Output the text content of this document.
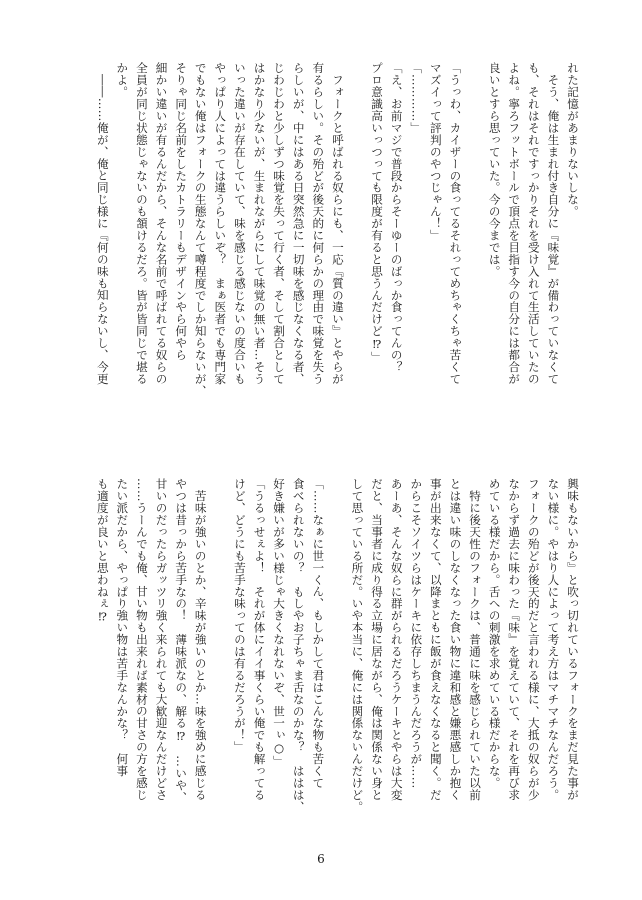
れた記憶があまりないしな。

　そう、俺は生まれ付き自分に『味覚』が備わっていなくて

も、それはそれですっかりそれを受け入れて生活していたの

よね。寧ろフットボールで頂点を目指す今の自分には都合が

良いとすら思っていた。今の今までは。

「うっわ、カイザーの食ってるそれってめちゃくちゃ苦くて

マズイって評判のやつじゃん！」

「…………」

「え、お前マジで普段からそーゆーのばっか食ってんの？

プロ意識高いっつっても限度が有ると思うんだけど⁉」

　フォークと呼ばれる奴らにも、一応『質の違い』とやらが

有るらしい。その殆どが後天的に何らかの理由で味覚を失う

らしいが、中にはある日突然急に一切味を感じなくなる者、

じわじわと少しずつ味覚を失って行く者、そして割合として

はかなり少ないが、生まれながらにして味覚の無い者…そう

いった違いが存在していて、味を感じる感じないの度合いも

やっぱり人によっては違うらしいぞ？　まぁ医者でも専門家

でもない俺はフォークの生態なんて噂程度でしか知らないが、

そりゃ同じ名前をしたカトラリーもデザインやら何やら

細かい違いが有るんだから、そんな名前で呼ばれてる奴らの

全員が同じ状態じゃないのも頷けるだろ。皆が皆同じで堪る

かよ。

　――……俺が、俺と同じ様に『何の味も知らないし、今更

興味もないから』と吹っ切れているフォークをまだ見た事が

ない様に。やはり人によって考え方はマチマチなんだろう。

フォークの殆どが後天的だと言われる様に、大抵の奴らが少

なからず過去に味わった『味』を覚えていて、それを再び求

めている様だから。舌への刺激を求めている様だからな。

　特に後天性のフォークは、普通に味を感じられていた以前

とは違い味のしなくなった食い物に違和感と嫌悪感しか抱く

事が出来なくて、以降まともに飯が食えなくなると聞く。だ

からこそソイツらはケーキに依存しちまうんだろうが……

あーあ、そんな奴らに群がられるだろうケーキとやらは大変

だと、当事者に成り得る立場に居ながら、俺は関係ない身と

して思っている所だ。いや本当に、俺には関係ないんだけど。

「……なぁに世一くん、もしかして君はこんな物も苦くて

食べられないの？　もしやお子ちゃま舌なのかな？　ははは、

好き嫌いが多い様じゃ大きくなれないぞ、世一ぃ○」

「うるっせぇよ！　それが体にイイ事くらい俺でも解ってる

けど、どうにも苦手な味ってのは有るだろうが！」

　苦味が強いのとか、辛味が強いのとか…味を強めに感じる

やつは昔っから苦手なの！　薄味派なの、解る⁉　…いや、

甘いのだったらガッツリ強く来られても大歓迎なんだけどさ

……うーんでも俺、甘い物も出来れば素材の甘さの方を感じ

たい派だから、やっぱり強い物は苦手なんかな？　何事

も適度が良いと思わねぇ⁉

6
